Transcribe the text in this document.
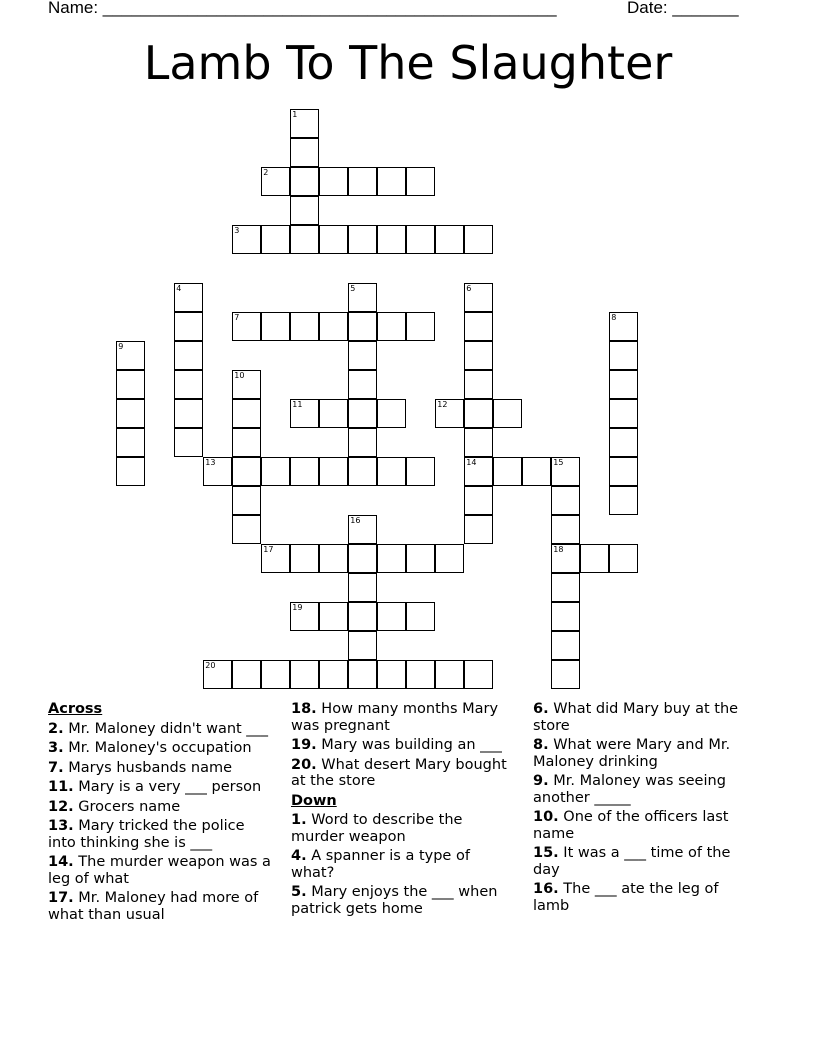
Name: ________________________________________________	Date: _______
Lamb To The Slaughter
1
2
3
4	5	6
14
7	8
9
10
11	12
13	15
18
16
17
19
20
Across
2. Mr. Maloney didn't want ___
3. Mr. Maloney's occupation
7. Marys husbands name
11. Mary is a very ___ person
12. Grocers name
13. Mary tricked the police into thinking she is ___
14. The murder weapon was a leg of what
17. Mr. Maloney had more of what than usual
18. How many months Mary was pregnant
19. Mary was building an ___
20. What desert Mary bought at the store
Down
1. Word to describe the murder weapon
4. A spanner is a type of what?
5. Mary enjoys the ___ when patrick gets home
6. What did Mary buy at the store
8. What were Mary and Mr. Maloney drinking
9. Mr. Maloney was seeing another _____
10. One of the officers last name
15. It was a ___ time of the day
16. The ___ ate the leg of lamb
